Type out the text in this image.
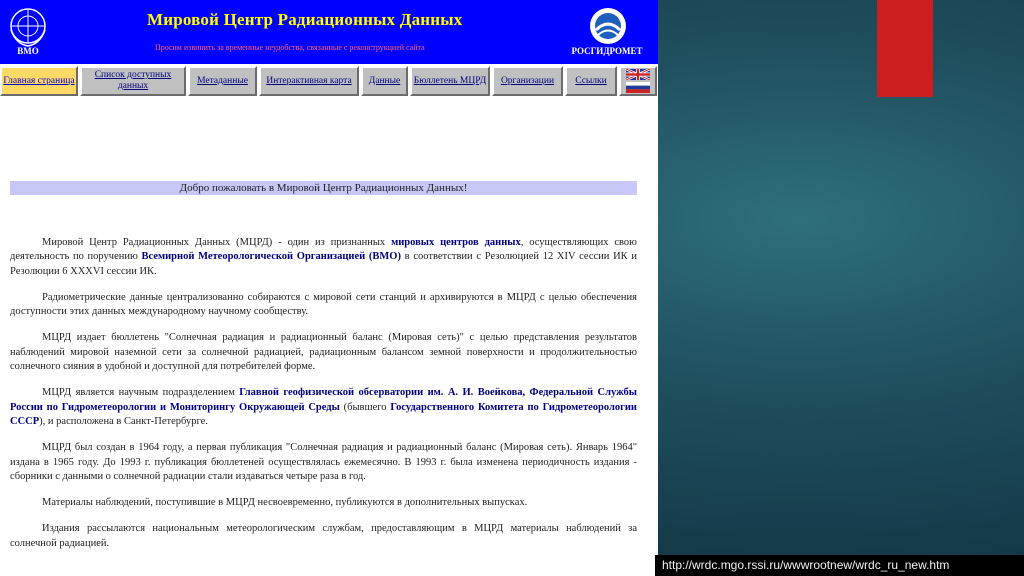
ВМО
Мировой Центр Радиационных Данных
Просим извинить за временные неудобства, связанные с реконструкцией сайта	РОСГИДРОМЕТ
Главная страница
Список доступных данных
Метаданные	Интерактивная карта	Данные	Бюллетень МЦРД	Организации	Ссылки
Добро пожаловать в Мировой Центр Радиационных Данных!

Мировой Центр Радиационных Данных (МЦРД) - один из признанных мировых центров данных, осуществляющих свою деятельность по поручению Всемирной Метеорологической Организацией (ВМО) в соответствии с Резолюцией 12 XIV сессии ИК и Резолюции 6 XXXVI сессии ИК.

Радиометрические данные централизованно собираются с мировой сети станций и архивируются в МЦРД с целью обеспечения доступности этих данных международному научному сообществу.

МЦРД издает бюллетень "Солнечная радиация и радиационный баланс (Мировая сеть)" с целью представления результатов наблюдений мировой наземной сети за солнечной радиацией, радиационным балансом земной поверхности и продолжительностью солнечного сияния в удобной и доступной для потребителей форме.

МЦРД является научным подразделением Главной геофизической обсерватории им. А. И. Воейкова, Федеральной Службы России по Гидрометеорологии и Мониторингу Окружающей Среды (бывшего Государственного Комитета по Гидрометеорологии СССР), и расположена в Санкт-Петербурге.

МЦРД был создан в 1964 году, а первая публикация "Солнечная радиация и радиационный баланс (Мировая сеть). Январь 1964" издана в 1965 году. До 1993 г. публикация бюллетеней осуществлялась ежемесячно. В 1993 г. была изменена периодичность издания - сборники с данными о солнечной радиации стали издаваться четыре раза в год.

Материалы наблюдений, поступившие в МЦРД несвоевременно, публикуются в дополнительных выпусках.

Издания рассылаются национальным метеорологическим службам, предоставляющим в МЦРД материалы наблюдений за солнечной радиацией.

http://wrdc.mgo.rssi.ru/wwwrootnew/wrdc_ru_new.htm
